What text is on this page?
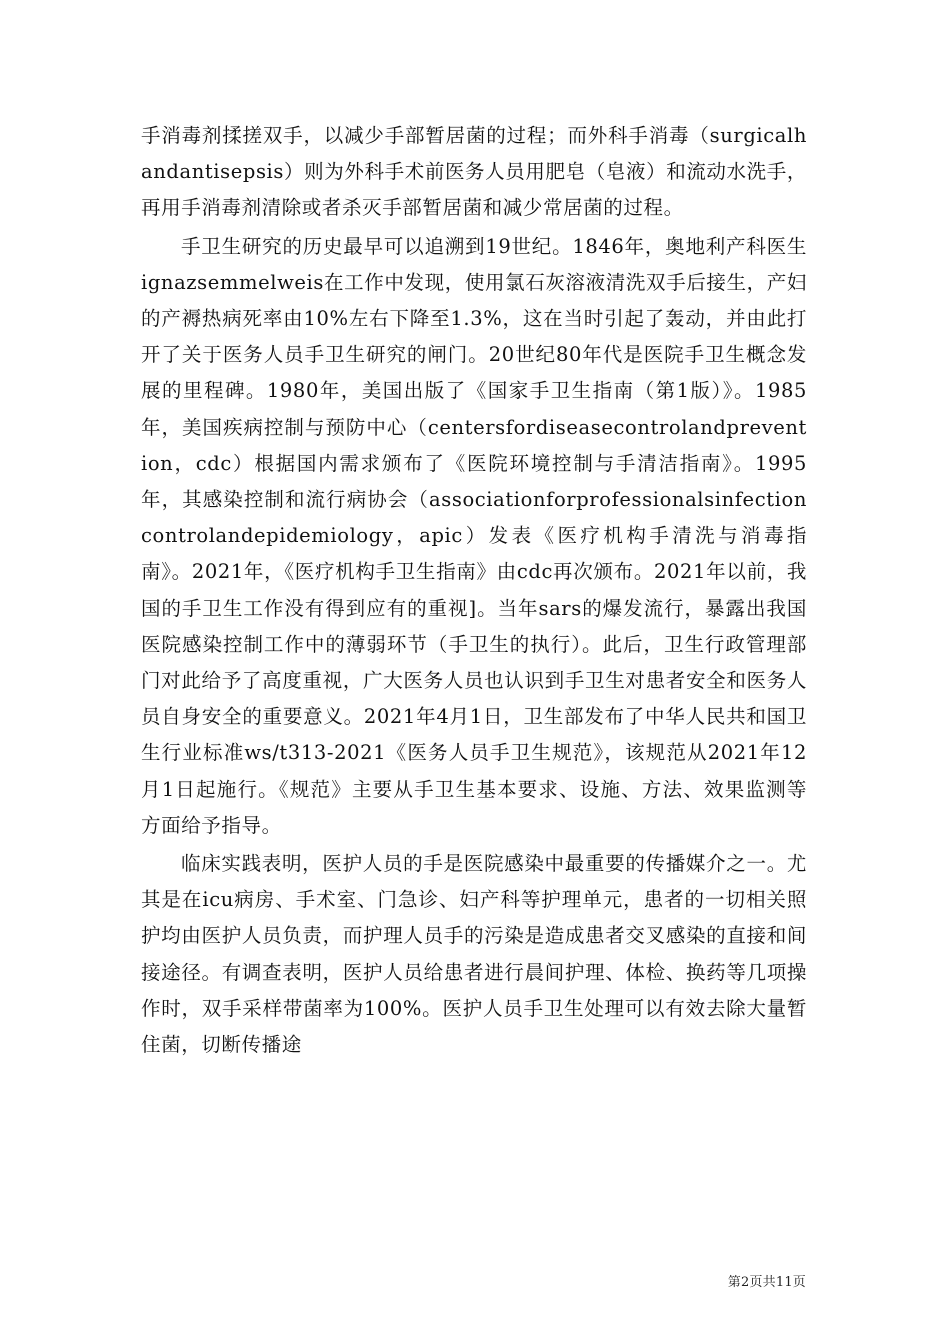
手消毒剂揉搓双手，以减少手部暂居菌的过程；而外科手消毒（surgicalhandantisepsis）则为外科手术前医务人员用肥皂（皂液）和流动水洗手，再用手消毒剂清除或者杀灭手部暂居菌和减少常居菌的过程。

手卫生研究的历史最早可以追溯到19世纪。1846年，奥地利产科医生ignazsemmelweis在工作中发现，使用氯石灰溶液清洗双手后接生，产妇的产褥热病死率由10%左右下降至1.3%，这在当时引起了轰动，并由此打开了关于医务人员手卫生研究的闸门。20世纪80年代是医院手卫生概念发展的里程碑。1980年，美国出版了《国家手卫生指南（第1版）》。1985年，美国疾病控制与预防中心（centersfordiseasecontrolandprevention，cdc）根据国内需求颁布了《医院环境控制与手清洁指南》。1995年，其感染控制和流行病协会（associationforprofessionalsinfectioncontrolandepidemiology，apic）发表《医疗机构手清洗与消毒指南》。2021年，《医疗机构手卫生指南》由cdc再次颁布。2021年以前，我国的手卫生工作没有得到应有的重视]。当年sars的爆发流行，暴露出我国医院感染控制工作中的薄弱环节（手卫生的执行）。此后，卫生行政管理部门对此给予了高度重视，广大医务人员也认识到手卫生对患者安全和医务人员自身安全的重要意义。2021年4月1日，卫生部发布了中华人民共和国卫生行业标准ws/t313-2021《医务人员手卫生规范》，该规范从2021年12月1日起施行。《规范》主要从手卫生基本要求、设施、方法、效果监测等方面给予指导。

临床实践表明，医护人员的手是医院感染中最重要的传播媒介之一。尤其是在icu病房、手术室、门急诊、妇产科等护理单元，患者的一切相关照护均由医护人员负责，而护理人员手的污染是造成患者交叉感染的直接和间接途径。有调查表明，医护人员给患者进行晨间护理、体检、换药等几项操作时，双手采样带菌率为100%。医护人员手卫生处理可以有效去除大量暂住菌，切断传播途

第2页共11页
